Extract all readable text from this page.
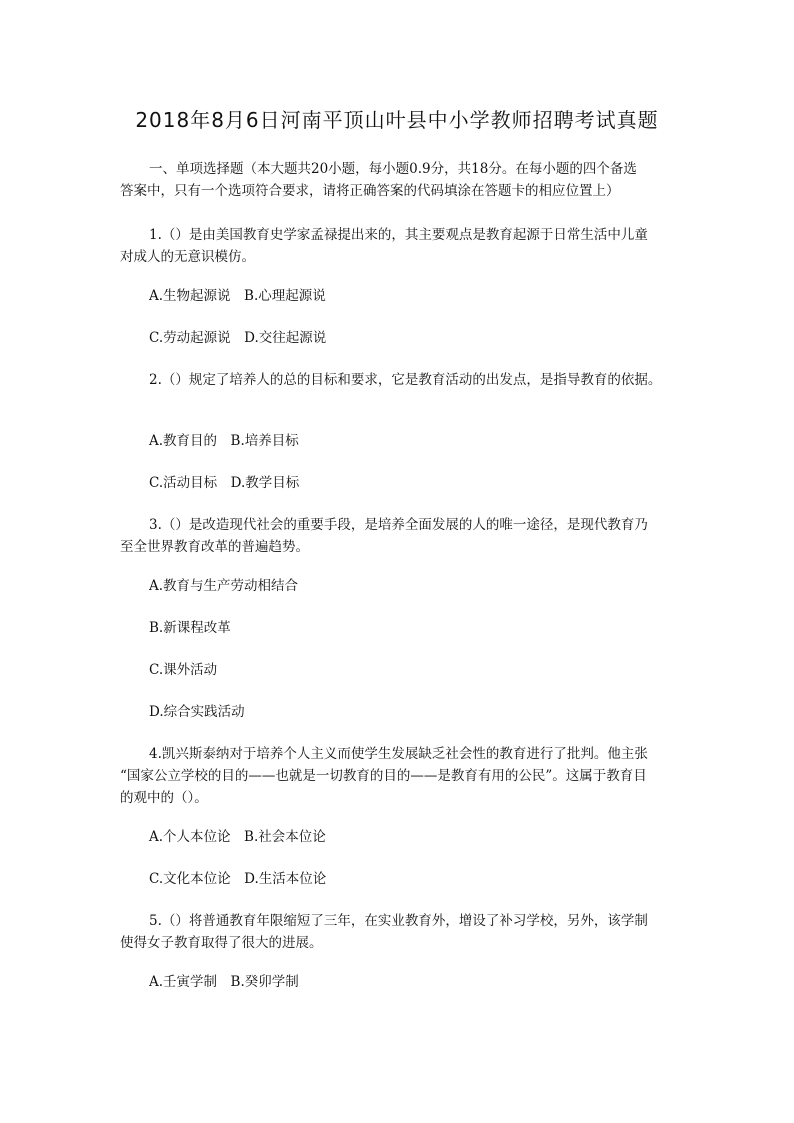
2018年8月6日河南平顶山叶县中小学教师招聘考试真题
一、单项选择题（本大题共20小题，每小题0.9分，共18分。在每小题的四个备选
答案中，只有一个选项符合要求，请将正确答案的代码填涂在答题卡的相应位置上）
1.（）是由美国教育史学家孟禄提出来的，其主要观点是教育起源于日常生活中儿童
对成人的无意识模仿。
A.生物起源说　B.心理起源说
C.劳动起源说　D.交往起源说
2.（）规定了培养人的总的目标和要求，它是教育活动的出发点，是指导教育的依据。
A.教育目的　B.培养目标
C.活动目标　D.教学目标
3.（）是改造现代社会的重要手段，是培养全面发展的人的唯一途径，是现代教育乃
至全世界教育改革的普遍趋势。
A.教育与生产劳动相结合
B.新课程改革
C.课外活动
D.综合实践活动
4.凯兴斯泰纳对于培养个人主义而使学生发展缺乏社会性的教育进行了批判。他主张
“国家公立学校的目的——也就是一切教育的目的——是教育有用的公民”。这属于教育目
的观中的（）。
A.个人本位论　B.社会本位论
C.文化本位论　D.生活本位论
5.（）将普通教育年限缩短了三年，在实业教育外，增设了补习学校，另外，该学制
使得女子教育取得了很大的进展。
A.壬寅学制　B.癸卯学制
